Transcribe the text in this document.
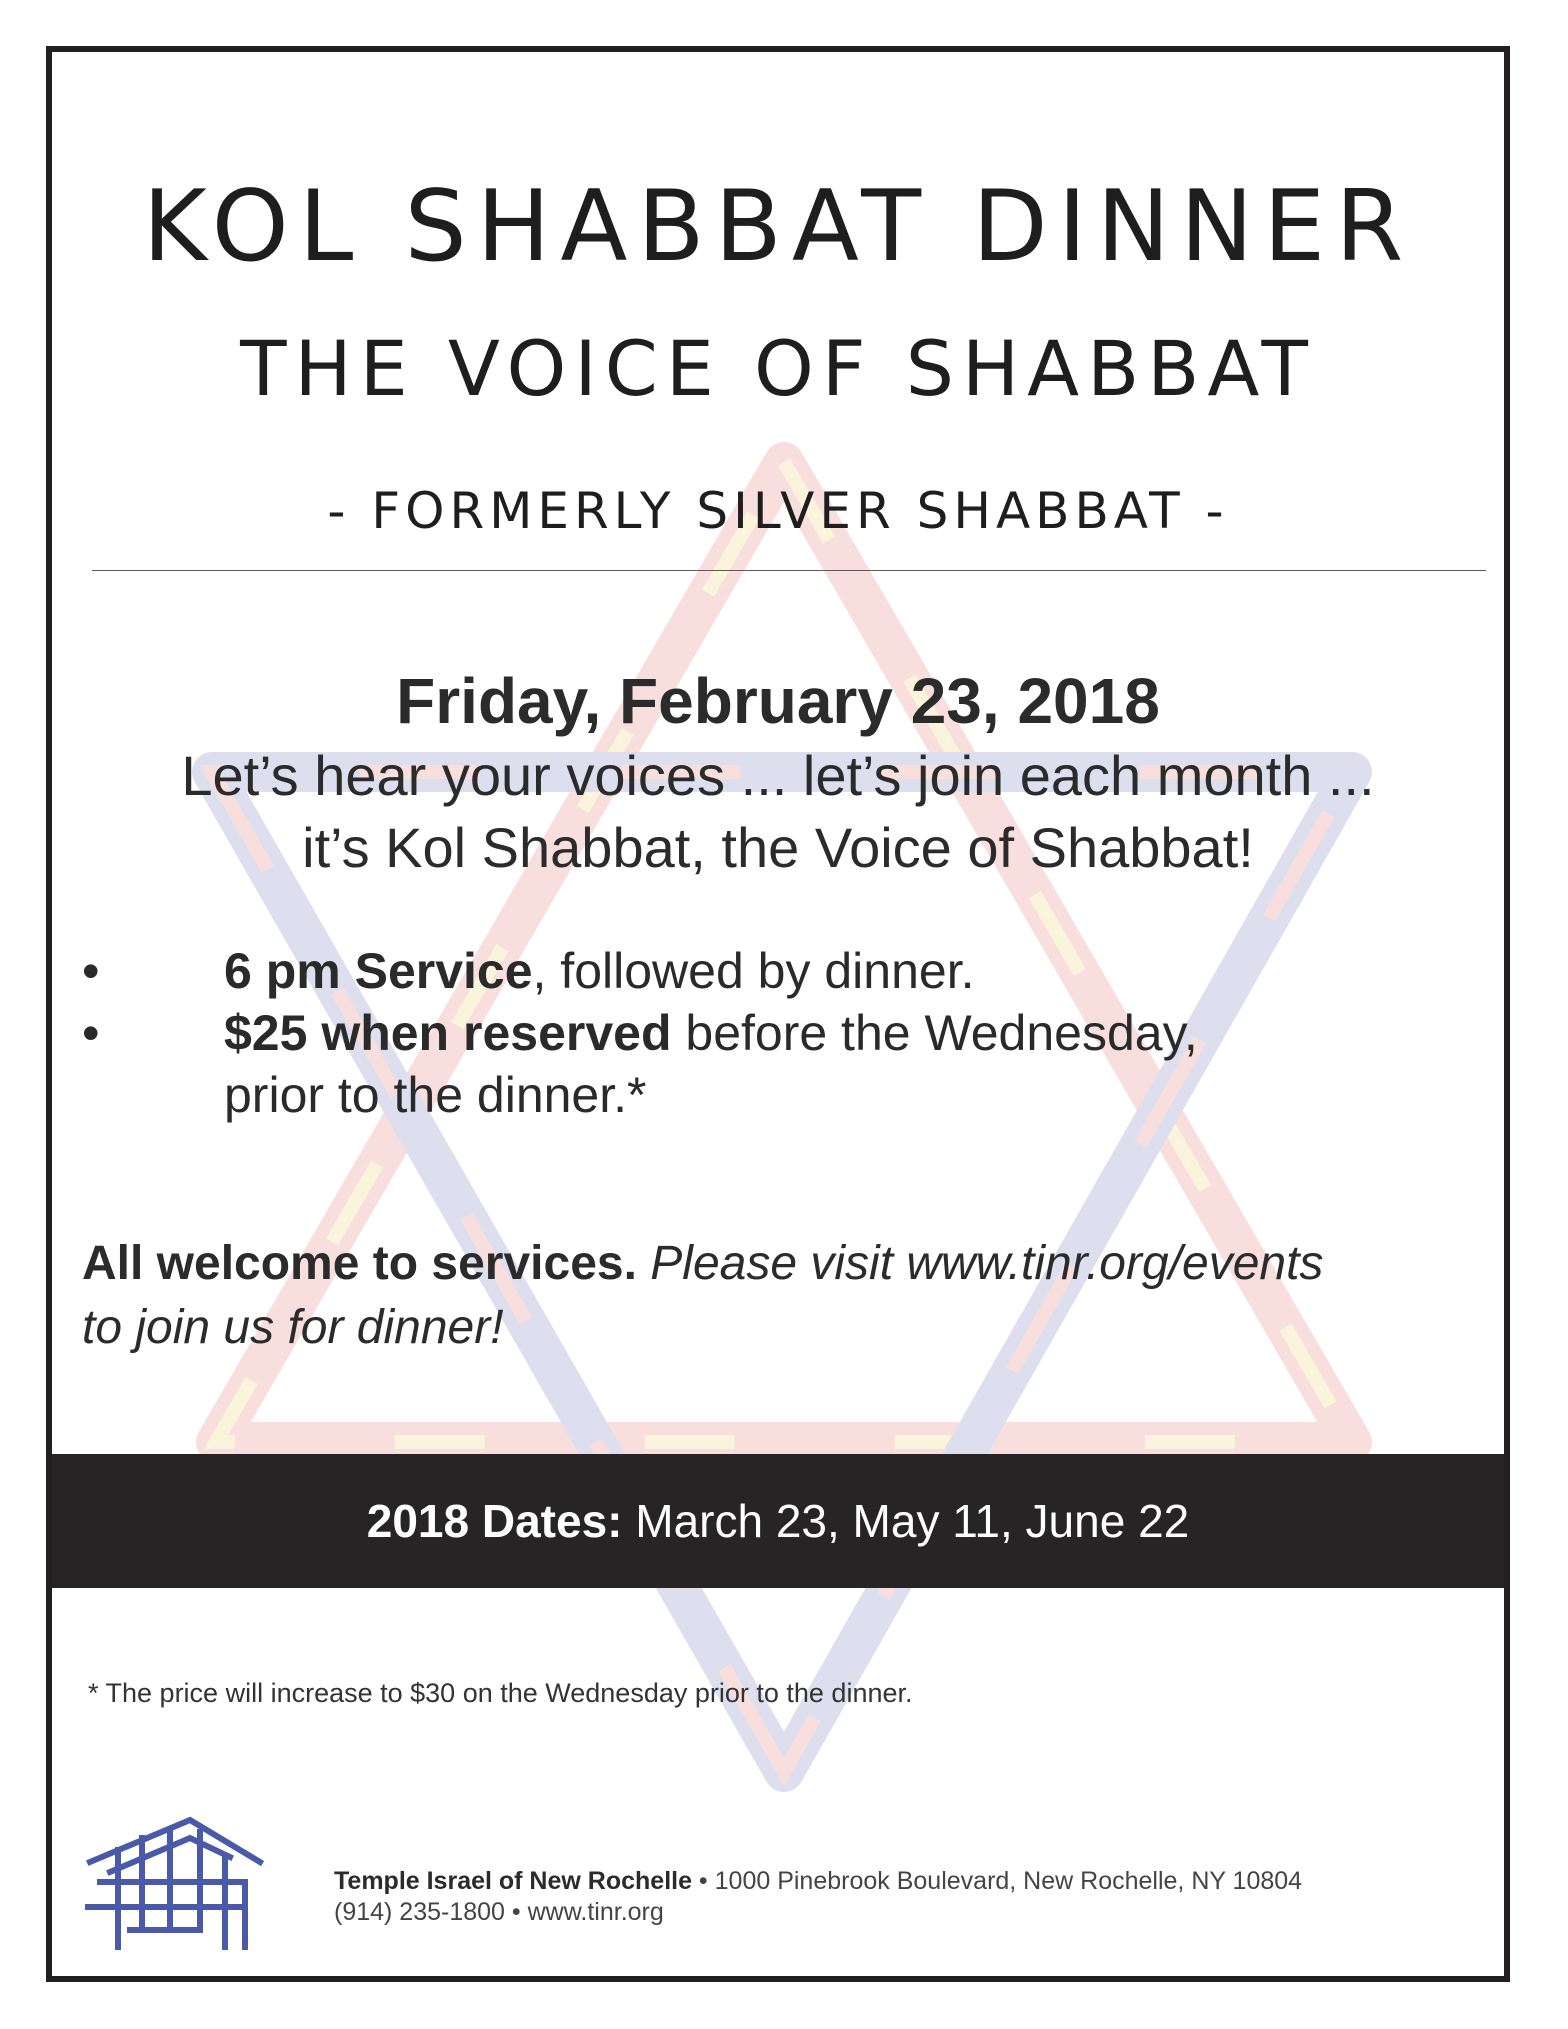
KOL SHABBAT DINNER
THE VOICE OF SHABBAT
- FORMERLY SILVER SHABBAT -
Friday, February 23, 2018
Let’s hear your voices ... let’s join each month ...
it’s Kol Shabbat, the Voice of Shabbat!
• 6 pm Service, followed by dinner.
• $25 when reserved before the Wednesday,
prior to the dinner.*
All welcome to services. Please visit www.tinr.org/events
to join us for dinner!
2018 Dates: March 23, May 11, June 22
* The price will increase to $30 on the Wednesday prior to the dinner.
Temple Israel of New Rochelle • 1000 Pinebrook Boulevard, New Rochelle, NY 10804
(914) 235-1800 • www.tinr.org
